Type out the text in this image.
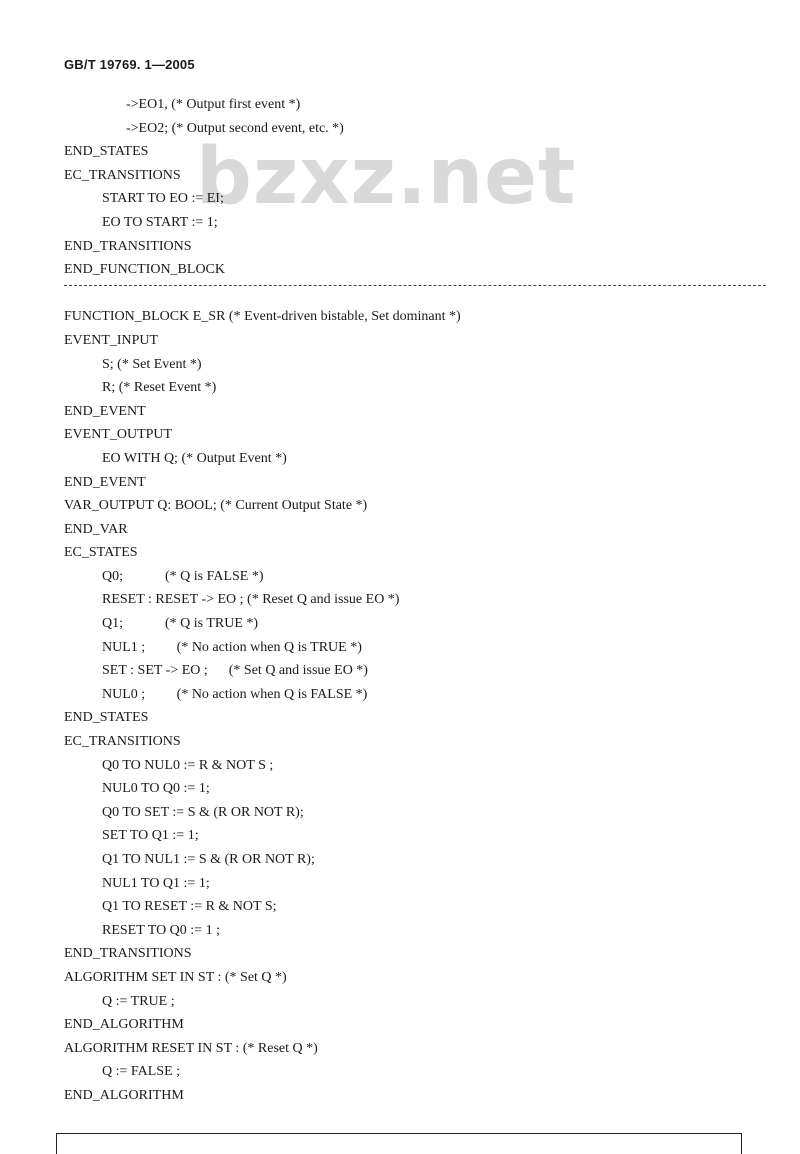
GB/T 19769. 1—2005
bzxz.net
->EO1, (* Output first event *)
->EO2; (* Output second event, etc. *)
END_STATES
EC_TRANSITIONS
START TO EO := EI;
EO TO START := 1;
END_TRANSITIONS
END_FUNCTION_BLOCK
FUNCTION_BLOCK E_SR (* Event-driven bistable, Set dominant *)
EVENT_INPUT
S; (* Set Event *)
R; (* Reset Event *)
END_EVENT
EVENT_OUTPUT
EO WITH Q; (* Output Event *)
END_EVENT
VAR_OUTPUT Q: BOOL; (* Current Output State *)
END_VAR
EC_STATES
Q0;            (* Q is FALSE *)
RESET : RESET -> EO ; (* Reset Q and issue EO *)
Q1;            (* Q is TRUE *)
NUL1 ;         (* No action when Q is TRUE *)
SET : SET -> EO ;      (* Set Q and issue EO *)
NUL0 ;         (* No action when Q is FALSE *)
END_STATES
EC_TRANSITIONS
Q0 TO NUL0 := R & NOT S ;
NUL0 TO Q0 := 1;
Q0 TO SET := S & (R OR NOT R);
SET TO Q1 := 1;
Q1 TO NUL1 := S & (R OR NOT R);
NUL1 TO Q1 := 1;
Q1 TO RESET := R & NOT S;
RESET TO Q0 := 1 ;
END_TRANSITIONS
ALGORITHM SET IN ST : (* Set Q *)
Q := TRUE ;
END_ALGORITHM
ALGORITHM RESET IN ST : (* Reset Q *)
Q := FALSE ;
END_ALGORITHM
